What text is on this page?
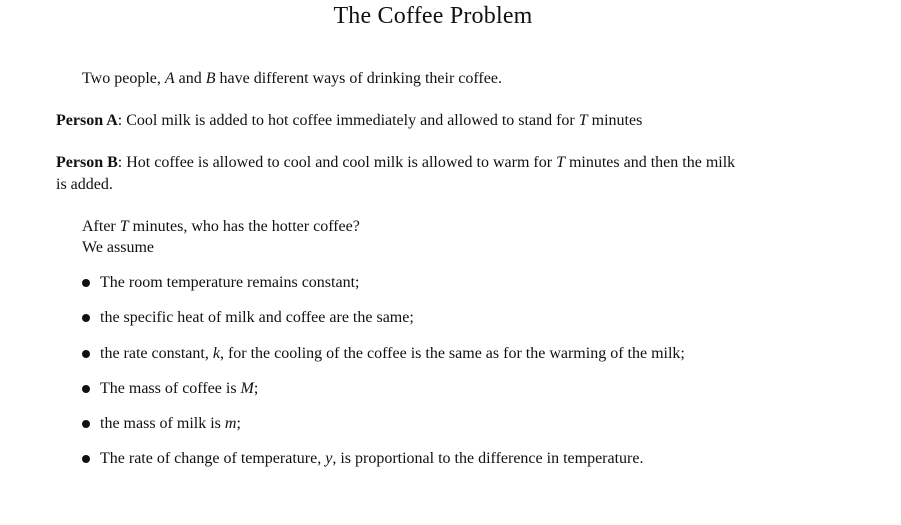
The Coffee Problem
Two people, A and B have different ways of drinking their coffee.
Person A: Cool milk is added to hot coffee immediately and allowed to stand for T minutes
Person B: Hot coffee is allowed to cool and cool milk is allowed to warm for T minutes and then the milk
is added.
After T minutes, who has the hotter coffee?
We assume
The room temperature remains constant;
the specific heat of milk and coffee are the same;
the rate constant, k, for the cooling of the coffee is the same as for the warming of the milk;
The mass of coffee is M;
the mass of milk is m;
The rate of change of temperature, y, is proportional to the difference in temperature.
